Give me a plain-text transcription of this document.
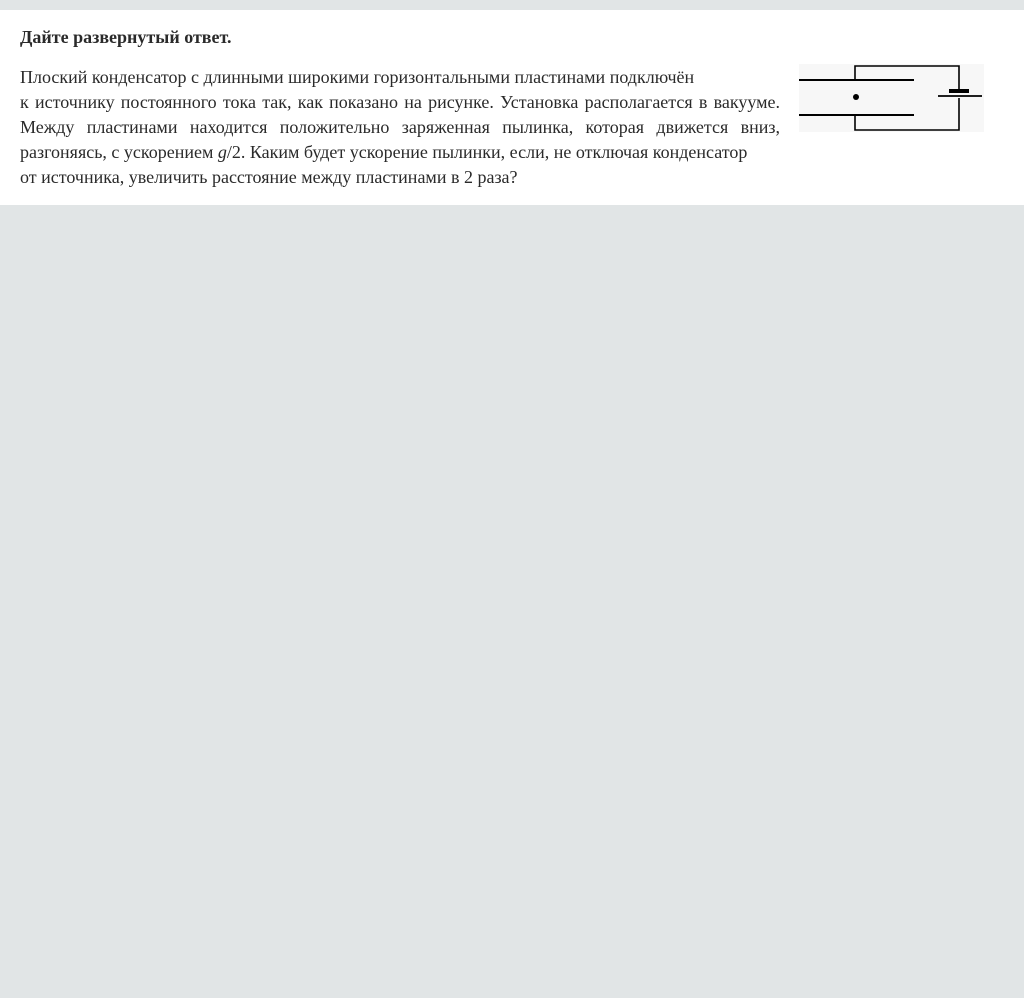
Дайте развернутый ответ.
Плоский конденсатор с длинными широкими горизонтальными пластинами подключён
к источнику постоянного тока так, как показано на рисунке. Установка располагается в вакууме.
Между пластинами находится положительно заряженная пылинка, которая движется вниз,
разгоняясь, с ускорением g/2. Каким будет ускорение пылинки, если, не отключая конденсатор
от источника, увеличить расстояние между пластинами в 2 раза?
